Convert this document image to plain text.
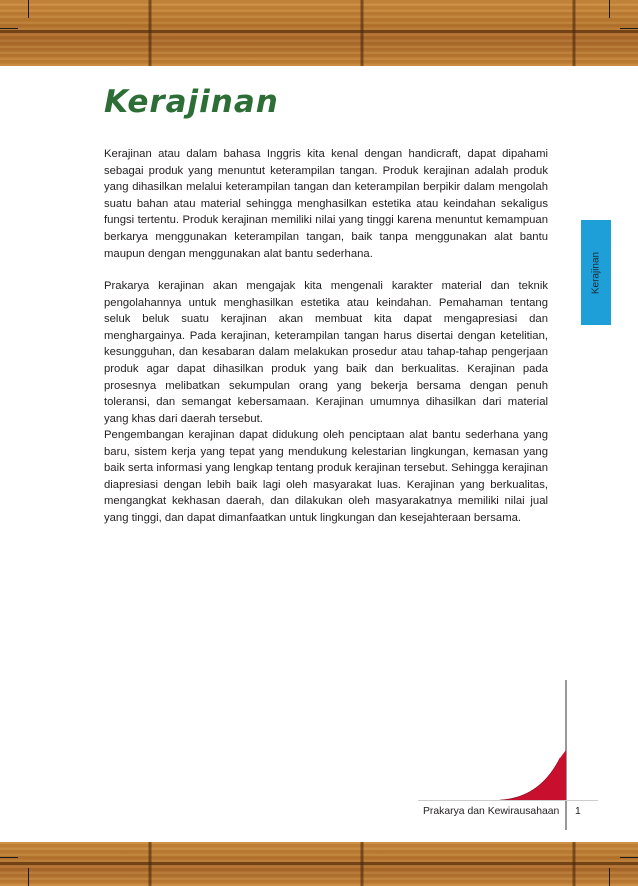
Kerajinan

Kerajinan atau dalam bahasa Inggris kita kenal dengan handicraft, dapat dipahami sebagai produk yang menuntut keterampilan tangan. Produk kerajinan adalah produk yang dihasilkan melalui keterampilan tangan dan keterampilan berpikir dalam mengolah suatu bahan atau material sehingga menghasilkan estetika atau keindahan sekaligus fungsi tertentu. Produk kerajinan memiliki nilai yang tinggi karena menuntut kemampuan berkarya menggunakan keterampilan tangan, baik tanpa menggunakan alat bantu maupun dengan menggunakan alat bantu sederhana.

Prakarya kerajinan akan mengajak kita mengenali karakter material dan teknik pengolahannya untuk menghasilkan estetika atau keindahan. Pemahaman tentang seluk beluk suatu kerajinan akan membuat kita dapat mengapresiasi dan menghargainya. Pada kerajinan, keterampilan tangan harus disertai dengan ketelitian, kesungguhan, dan kesabaran dalam melakukan prosedur atau tahap-tahap pengerjaan produk agar dapat dihasilkan produk yang baik dan berkualitas. Kerajinan pada prosesnya melibatkan sekumpulan orang yang bekerja bersama dengan penuh toleransi, dan semangat kebersamaan. Kerajinan umumnya dihasilkan dari material yang khas dari daerah tersebut.

Pengembangan kerajinan dapat didukung oleh penciptaan alat bantu sederhana yang baru, sistem kerja yang tepat yang mendukung kelestarian lingkungan, kemasan yang baik serta informasi yang lengkap tentang produk kerajinan tersebut. Sehingga kerajinan diapresiasi dengan lebih baik lagi oleh masyarakat luas. Kerajinan yang berkualitas, mengangkat kekhasan daerah, dan dilakukan oleh masyarakatnya memiliki nilai jual yang tinggi, dan dapat dimanfaatkan untuk lingkungan dan kesejahteraan bersama.

Kerajinan
Prakarya dan Kewirausahaan 1
